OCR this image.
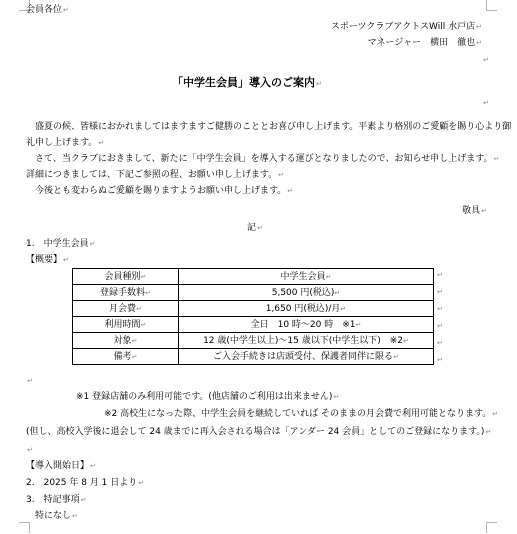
会員各位↵
スポーツクラブアクトスWill 水戸店↵
マネージャー　横田　徹也↵
↵
「中学生会員」導入のご案内↵
↵
　盛夏の候、皆様におかれましてはますますご健勝のこととお喜び申し上げます。平素より格別のご愛顧を賜り心より御
礼申し上げます。↵
　さて、当クラブにおきまして、新たに「中学生会員」を導入する運びとなりましたので、お知らせ申し上げます。↵
詳細につきましては、下記ご参照の程、お願い申し上げます。↵
　今後とも変わらぬご愛顧を賜りますようお願い申し上げます。↵
敬具↵
記↵
1.　中学生会員↵
【概要】↵
会員種別↵	中学生会員↵
登録手数料↵	5,500 円(税込)↵
月会費↵	1,650 円(税込)/月↵
利用時間↵	全日　10 時～20 時　※1↵
対象↵	12 歳(中学生以上)～15 歳以下(中学生以下)　※2↵
備考↵	ご入会手続きは店頭受付、保護者同伴に限る↵
↵
↵
↵
↵
↵
↵
↵
※1 登録店舗のみ利用可能です。(他店舗のご利用は出来ません)↵
※2 高校生になった際、中学生会員を継続していれば そのままの月会費で利用可能となります。↵
(但し、高校入学後に退会して 24 歳までに再入会される場合は「アンダー 24 会員」としてのご登録になります。)↵
↵
【導入開始日】↵
2.　2025 年 8 月 1 日より↵
3.　特記事項↵
　特になし↵
